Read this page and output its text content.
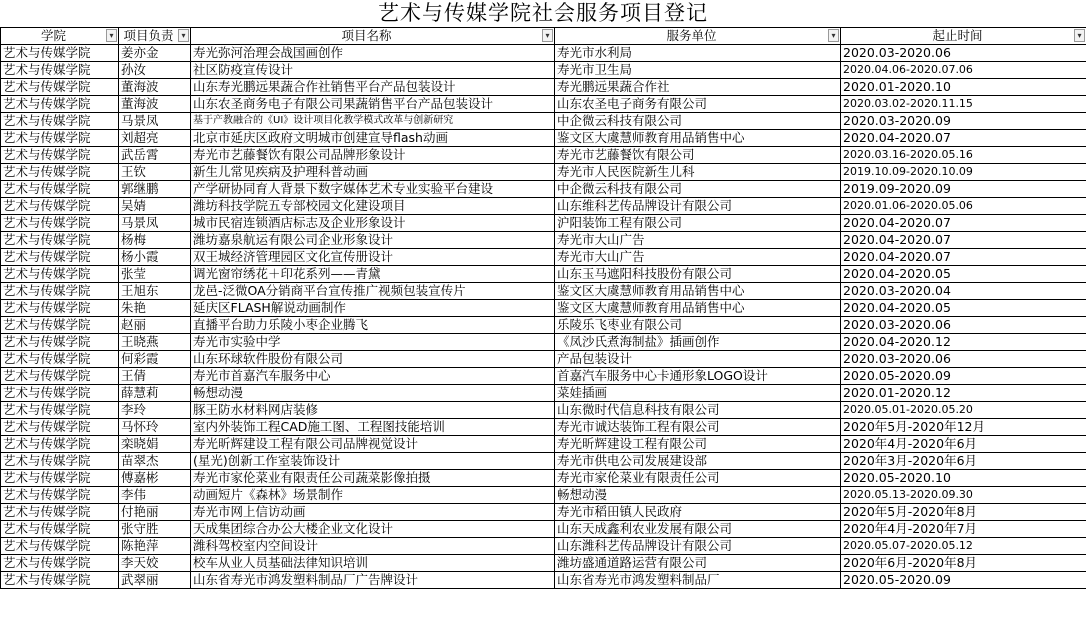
艺术与传媒学院社会服务项目登记
学院 ▾	项目负责 ▾	项目名称 ▾	服务单位 ▾	起止时间 ▾

艺术与传媒学院	姜亦金	寿光弥河治理会战国画创作	寿光市水利局	2020.03-2020.06
艺术与传媒学院	孙汝	社区防疫宣传设计	寿光市卫生局	2020.04.06-2020.07.06
艺术与传媒学院	董海波	山东寿光鹏远果蔬合作社销售平台产品包装设计	寿光鹏远果蔬合作社	2020.01-2020.10
艺术与传媒学院	董海波	山东农圣商务电子有限公司果蔬销售平台产品包装设计	山东农圣电子商务有限公司	2020.03.02-2020.11.15
艺术与传媒学院	马景凤	基于产教融合的《UI》设计项目化教学模式改革与创新研究	中企微云科技有限公司	2020.03-2020.09
艺术与传媒学院	刘超亮	北京市延庆区政府文明城市创建宣导flash动画	鉴文区大虞慧师教育用品销售中心	2020.04-2020.07
艺术与传媒学院	武岳霄	寿光市艺藤餐饮有限公司品牌形象设计	寿光市艺藤餐饮有限公司	2020.03.16-2020.05.16
艺术与传媒学院	王钦	新生儿常见疾病及护理科普动画	寿光市人民医院新生儿科	2019.10.09-2020.10.09
艺术与传媒学院	郭继鹏	产学研协同育人背景下数字媒体艺术专业实验平台建设	中企微云科技有限公司	2019.09-2020.09
艺术与传媒学院	吴婧	潍坊科技学院五专部校园文化建设项目	山东维科艺传品牌设计有限公司	2020.01.06-2020.05.06
艺术与传媒学院	马景凤	城市民宿连锁酒店标志及企业形象设计	沪阳装饰工程有限公司	2020.04-2020.07
艺术与传媒学院	杨梅	潍坊嘉泉航运有限公司企业形象设计	寿光市大山广告	2020.04-2020.07
艺术与传媒学院	杨小霞	双王城经济管理园区文化宣传册设计	寿光市大山广告	2020.04-2020.07
艺术与传媒学院	张莹	调光窗帘绣花＋印花系列——青黛	山东玉马遮阳科技股份有限公司	2020.04-2020.05
艺术与传媒学院	王旭东	龙邑-泛微OA分销商平台宣传推广视频包装宣传片	鉴文区大虞慧师教育用品销售中心	2020.03-2020.04
艺术与传媒学院	朱艳	延庆区FLASH解说动画制作	鉴文区大虞慧师教育用品销售中心	2020.04-2020.05
艺术与传媒学院	赵丽	直播平台助力乐陵小枣企业腾飞	乐陵乐飞枣业有限公司	2020.03-2020.06
艺术与传媒学院	王晓燕	寿光市实验中学	《凤沙氏煮海制盐》插画创作	2020.04-2020.12
艺术与传媒学院	何彩霞	山东环球软件股份有限公司	产品包装设计	2020.03-2020.06
艺术与传媒学院	王倩	寿光市首嘉汽车服务中心	首嘉汽车服务中心卡通形象LOGO设计	2020.05-2020.09
艺术与传媒学院	薛慧莉	畅想动漫	菜娃插画	2020.01-2020.12
艺术与传媒学院	李玲	豚王防水材料网店装修	山东微时代信息科技有限公司	2020.05.01-2020.05.20
艺术与传媒学院	马怀玲	室内外装饰工程CAD施工图、工程图技能培训	寿光市诚达装饰工程有限公司	2020年5月-2020年12月
艺术与传媒学院	栾晓娟	寿光昕辉建设工程有限公司品牌视觉设计	寿光昕辉建设工程有限公司	2020年4月-2020年6月
艺术与传媒学院	苗翠杰	(星光)创新工作室装饰设计	寿光市供电公司发展建设部	2020年3月-2020年6月
艺术与传媒学院	傅嘉彬	寿光市家伦菜业有限责任公司蔬菜影像拍摄	寿光市家伦菜业有限责任公司	2020.05-2020.10
艺术与传媒学院	李伟	动画短片《森林》场景制作	畅想动漫	2020.05.13-2020.09.30
艺术与传媒学院	付艳丽	寿光市网上信访动画	寿光市稻田镇人民政府	2020年5月-2020年8月
艺术与传媒学院	张守胜	天成集团综合办公大楼企业文化设计	山东天成鑫利农业发展有限公司	2020年4月-2020年7月
艺术与传媒学院	陈艳萍	潍科驾校室内空间设计	山东潍科艺传品牌设计有限公司	2020.05.07-2020.05.12
艺术与传媒学院	李天姣	校车从业人员基础法律知识培训	潍坊盛通道路运营有限公司	2020年6月-2020年8月
艺术与传媒学院	武翠丽	山东省寿光市鸿发塑料制品厂广告牌设计	山东省寿光市鸿发塑料制品厂	2020.05-2020.09
